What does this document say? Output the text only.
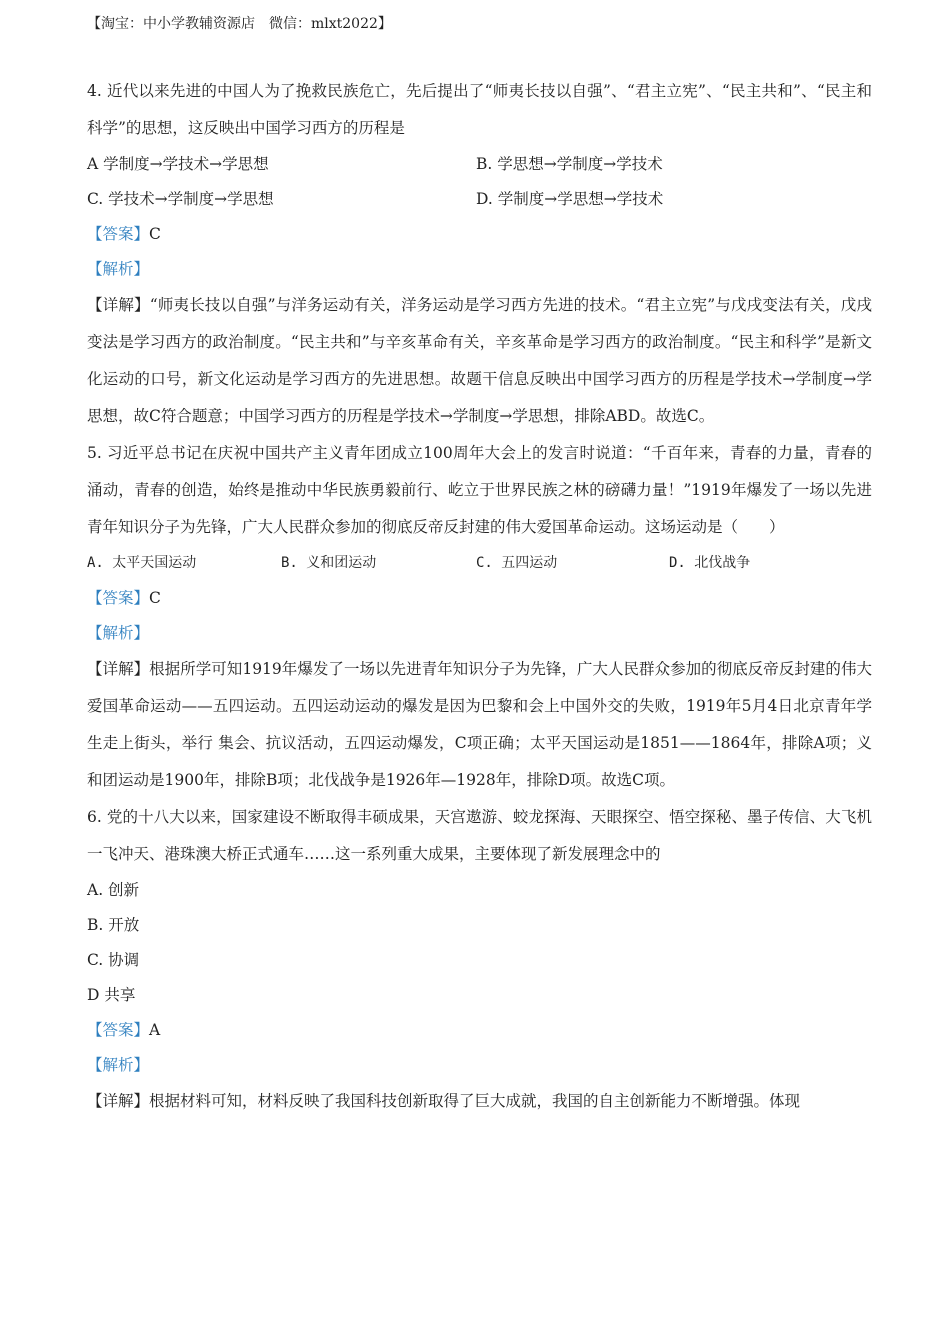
【淘宝：中小学教辅资源店　微信：mlxt2022】

4. 近代以来先进的中国人为了挽救民族危亡，先后提出了“师夷长技以自强”、“君主立宪”、“民主共和”、“民主和科学”的思想，这反映出中国学习西方的历程是

A 学制度→学技术→学思想	B. 学思想→学制度→学技术
C. 学技术→学制度→学思想	D. 学制度→学思想→学技术
【答案】C
【解析】

【详解】“师夷长技以自强”与洋务运动有关，洋务运动是学习西方先进的技术。“君主立宪”与戊戌变法有关，戊戌变法是学习西方的政治制度。“民主共和”与辛亥革命有关，辛亥革命是学习西方的政治制度。“民主和科学”是新文化运动的口号，新文化运动是学习西方的先进思想。故题干信息反映出中国学习西方的历程是学技术→学制度→学思想，故C符合题意；中国学习西方的历程是学技术→学制度→学思想，排除ABD。故选C。

5. 习近平总书记在庆祝中国共产主义青年团成立100周年大会上的发言时说道：“千百年来，青春的力量，青春的涌动，青春的创造，始终是推动中华民族勇毅前行、屹立于世界民族之林的磅礴力量！”1919年爆发了一场以先进青年知识分子为先锋，广大人民群众参加的彻底反帝反封建的伟大爱国革命运动。这场运动是（　　）

A. 太平天国运动	B. 义和团运动	C. 五四运动	D. 北伐战争
【答案】C
【解析】

【详解】根据所学可知1919年爆发了一场以先进青年知识分子为先锋，广大人民群众参加的彻底反帝反封建的伟大爱国革命运动——五四运动。五四运动运动的爆发是因为巴黎和会上中国外交的失败，1919年5月4日北京青年学生走上街头，举行 集会、抗议活动，五四运动爆发，C项正确；太平天国运动是1851——1864年，排除A项；义和团运动是1900年，排除B项；北伐战争是1926年—1928年，排除D项。故选C项。

6. 党的十八大以来，国家建设不断取得丰硕成果，天宫遨游、蛟龙探海、天眼探空、悟空探秘、墨子传信、大飞机一飞冲天、港珠澳大桥正式通车……这一系列重大成果，主要体现了新发展理念中的

A. 创新
B. 开放
C. 协调
D 共享
【答案】A
【解析】

【详解】根据材料可知，材料反映了我国科技创新取得了巨大成就，我国的自主创新能力不断增强。体现
